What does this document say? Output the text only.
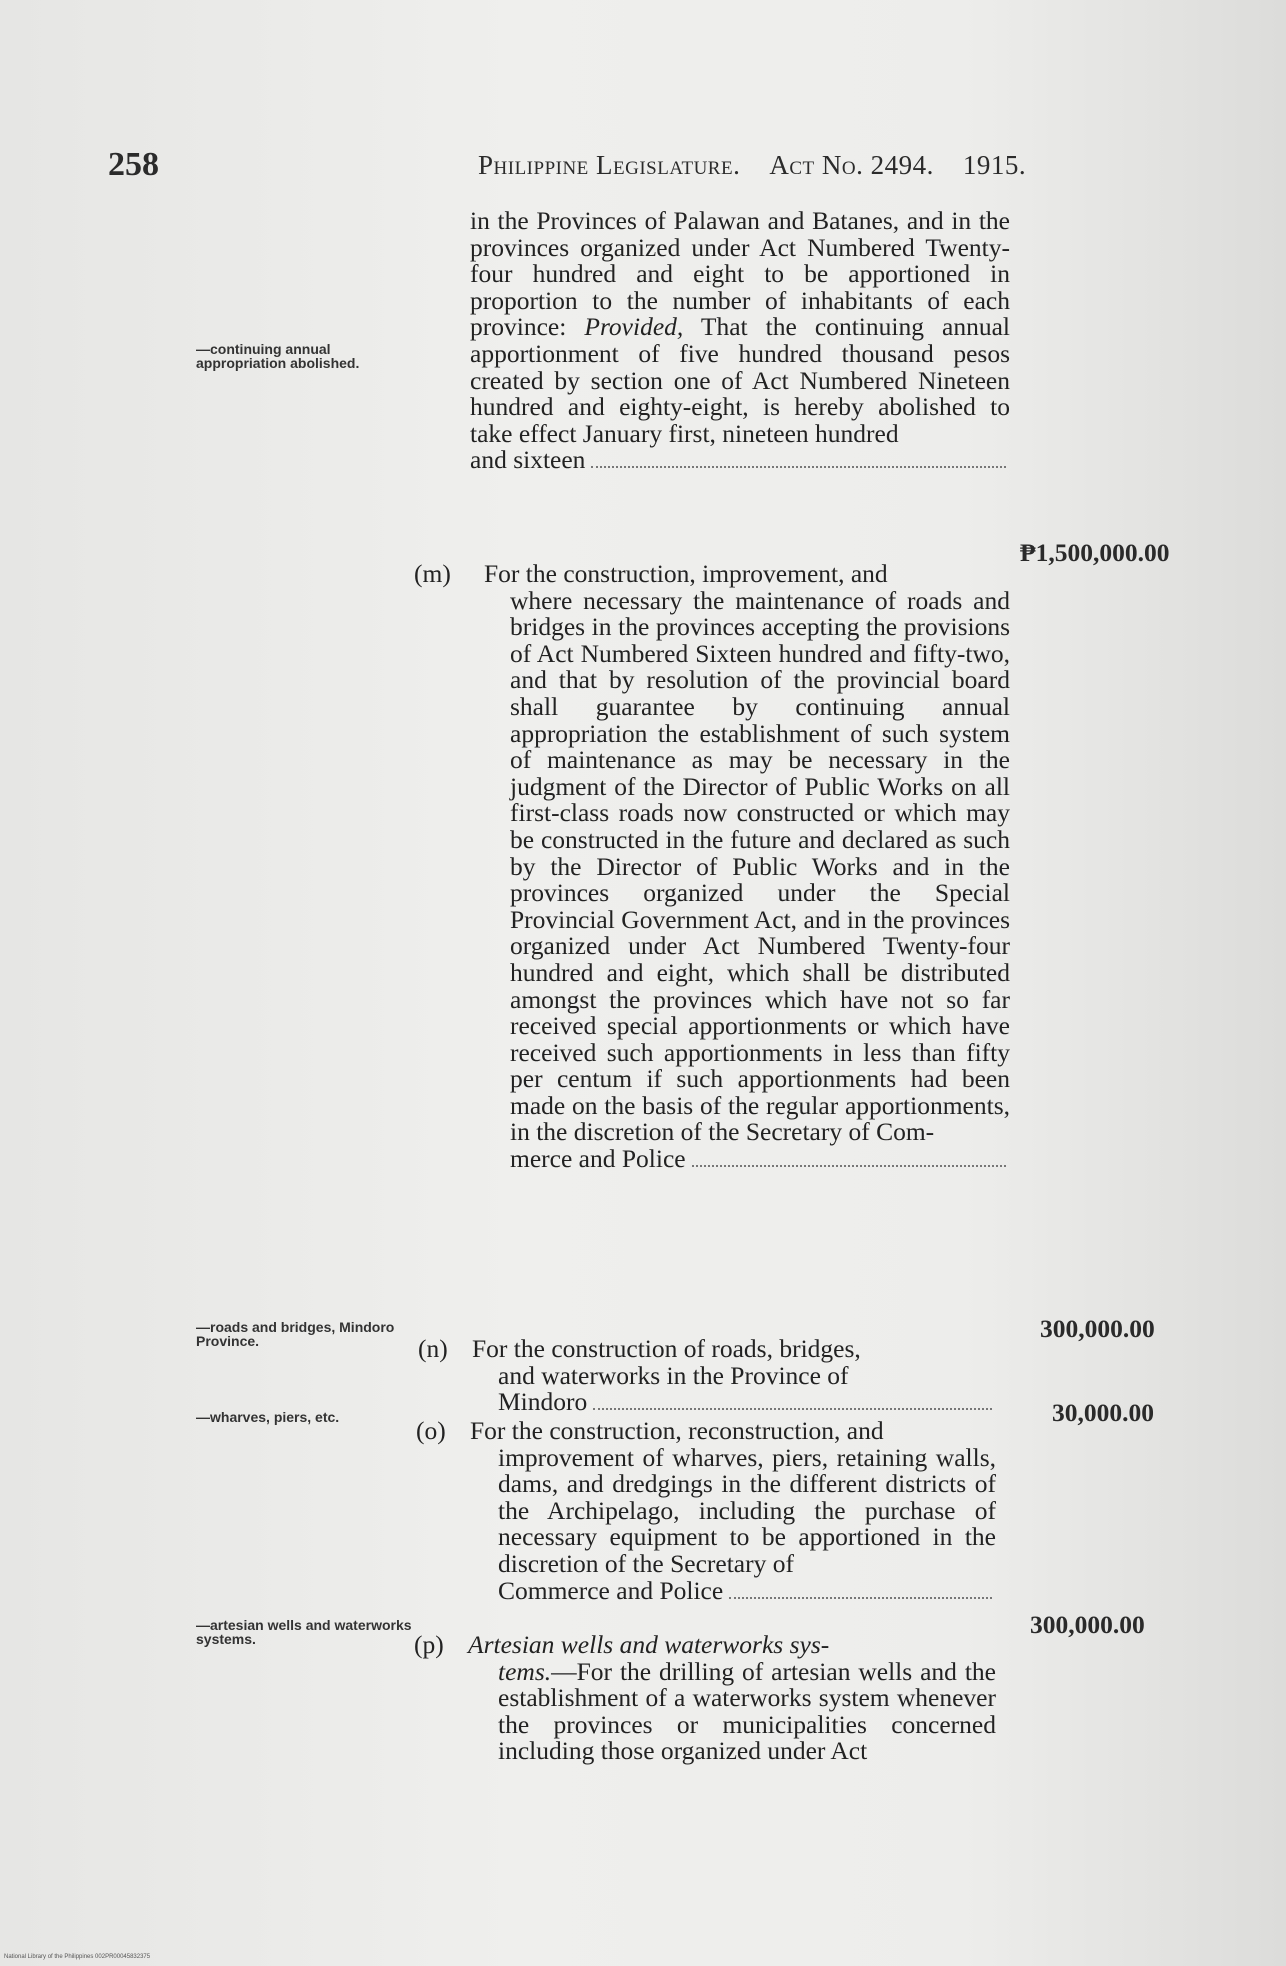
258	Philippine Legislature. Act No. 2494. 1915.
—continuing annual appropriation abolished.
—roads and bridges, Mindoro Province.
—wharves, piers, etc.
—artesian wells and waterworks systems.

in the Provinces of Palawan and Batanes, and in the provinces organized under Act Numbered Twenty-four hundred and eight to be apportioned in proportion to the number of inhabitants of each province: Provided, That the continuing annual apportionment of five hundred thousand pesos created by section one of Act Numbered Nineteen hundred and eighty-eight, is hereby abolished to take effect January first, nineteen hundred

and sixteen
₱1,500,000.00
(m) For the construction, improvement, and

where necessary the maintenance of roads and bridges in the provinces accepting the provisions of Act Numbered Sixteen hundred and fifty-two, and that by resolution of the provincial board shall guarantee by continuing annual appropriation the establishment of such system of maintenance as may be necessary in the judgment of the Director of Public Works on all first-class roads now constructed or which may be constructed in the future and declared as such by the Director of Public Works and in the provinces organized under the Special Provincial Government Act, and in the provinces organized under Act Numbered Twenty-four hundred and eight, which shall be distributed amongst the provinces which have not so far received special apportionments or which have received such apportionments in less than fifty per centum if such apportionments had been made on the basis of the regular apportionments, in the discretion of the Secretary of Com-

merce and Police
300,000.00
(n) For the construction of roads, bridges,

and waterworks in the Province of

Mindoro	30,000.00
(o) For the construction, reconstruction, and

improvement of wharves, piers, retaining walls, dams, and dredgings in the different districts of the Archipelago, including the purchase of necessary equipment to be apportioned in the discretion of the Secretary of

Commerce and Police
300,000.00
(p) Artesian wells and waterworks sys-

tems.—For the drilling of artesian wells and the establishment of a waterworks system whenever the provinces or municipalities concerned including those organized under Act

National Library of the Philippines 002PR00045832375
